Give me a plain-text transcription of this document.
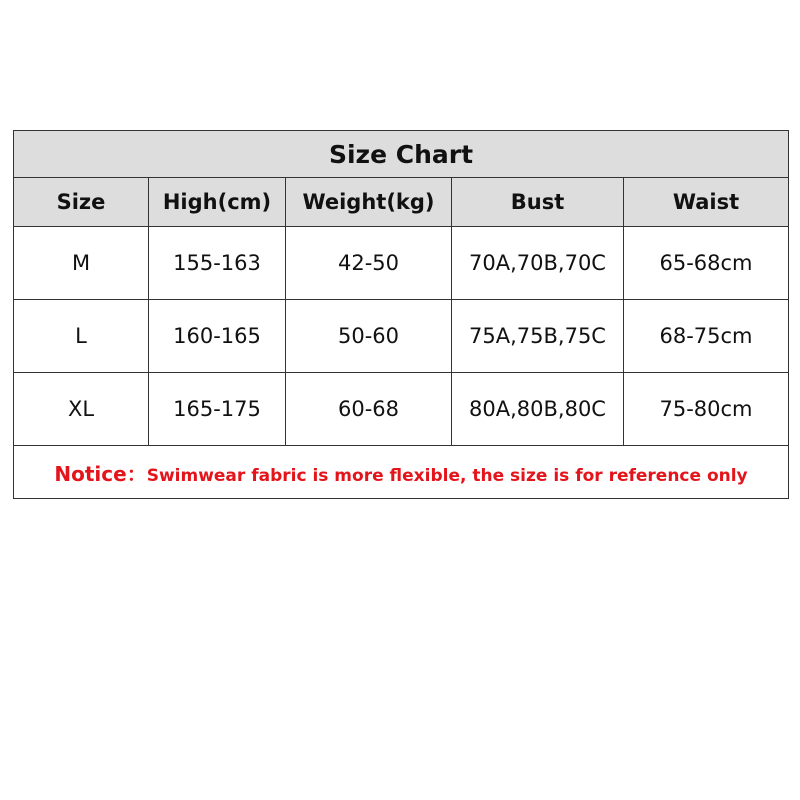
Size Chart				
Size	High(cm)	Weight(kg)	Bust	Waist
M	155-163	42-50	70A,70B,70C	65-68cm
L	160-165	50-60	75A,75B,75C	68-75cm
XL	165-175	60-68	80A,80B,80C	75-80cm
Notice：Swimwear fabric is more flexible, the size is for reference only				
